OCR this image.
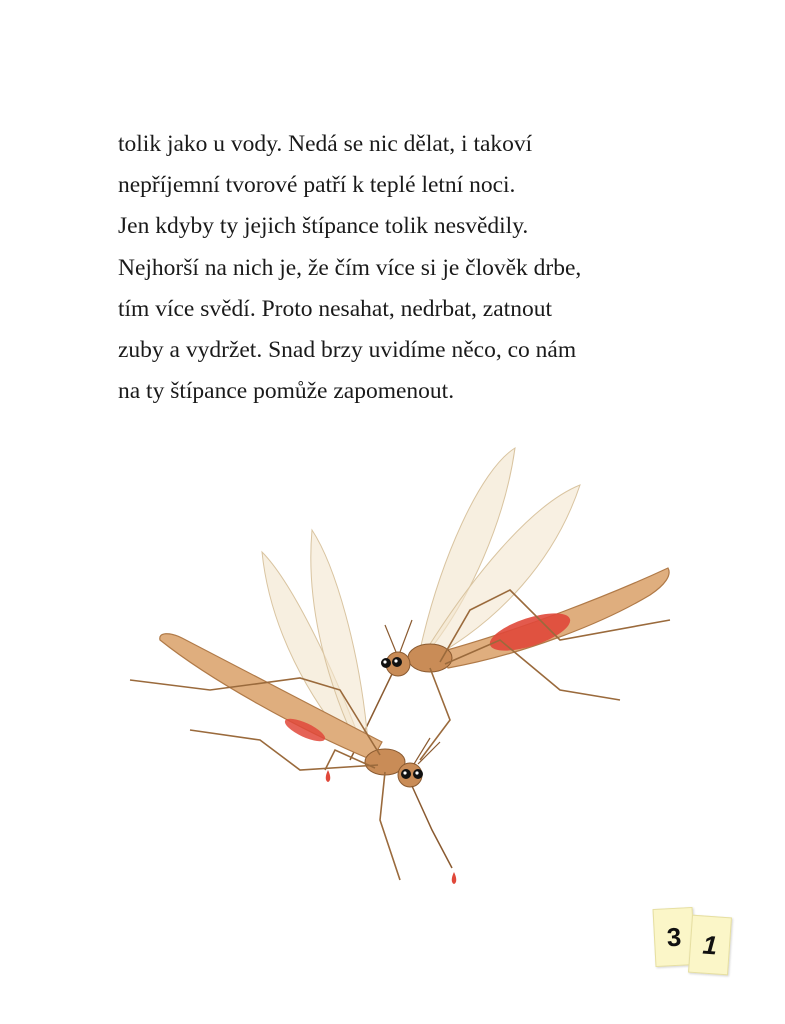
tolik jako u vody. Nedá se nic dělat, i takoví
nepříjemní tvorové patří k teplé letní noci.
Jen kdyby ty jejich štípance tolik nesvědily.
Nejhorší na nich je, že čím více si je člověk drbe,
tím více svědí. Proto nesahat, nedrbat, zatnout
zuby a vydržet. Snad brzy uvidíme něco, co nám
na ty štípance pomůže zapomenout.
3 1
